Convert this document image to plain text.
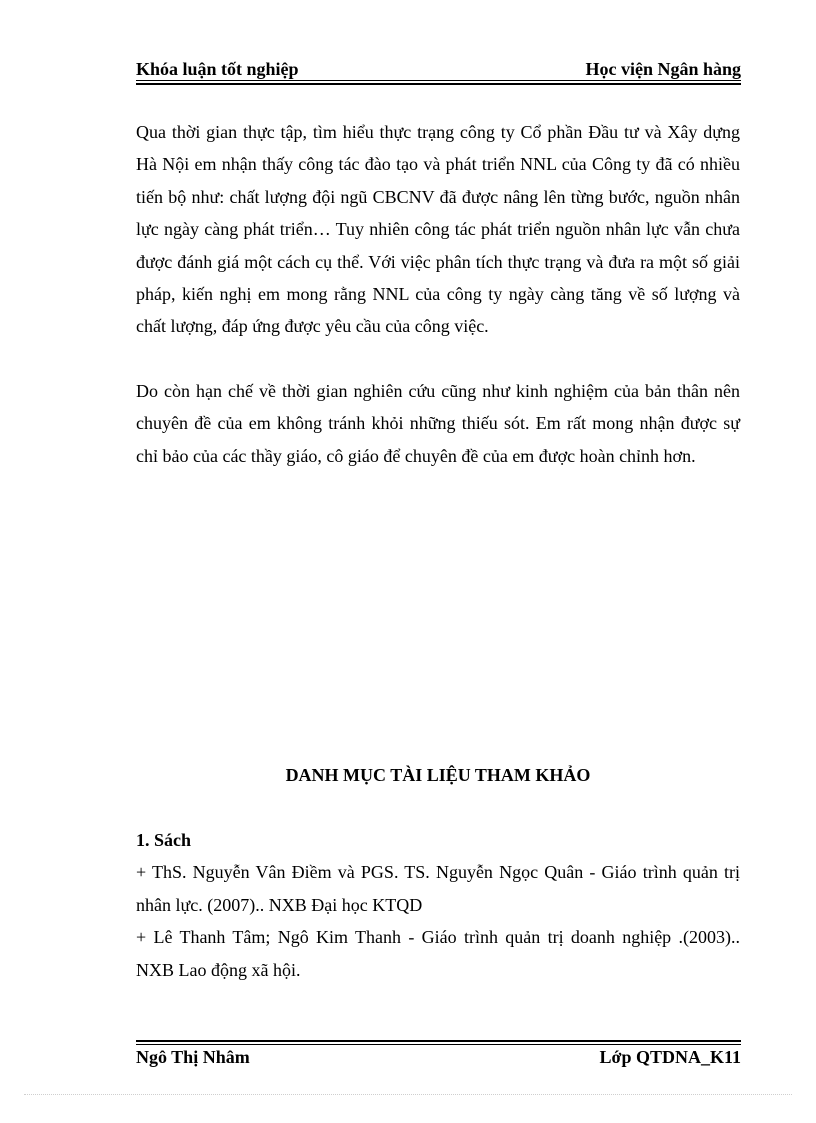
Khóa luận tốt nghiệp	Học viện Ngân hàng

Qua thời gian thực tập, tìm hiểu thực trạng công ty Cổ phần Đầu tư và Xây dựng Hà Nội em nhận thấy công tác đào tạo và phát triển NNL của Công ty đã có nhiều tiến bộ như: chất lượng đội ngũ CBCNV đã được nâng lên từng bước, nguồn nhân lực ngày càng phát triển… Tuy nhiên công tác phát triển nguồn nhân lực vẫn chưa được đánh giá một cách cụ thể. Với việc phân tích thực trạng và đưa ra một số giải pháp, kiến nghị em mong rằng NNL của công ty ngày càng tăng về số lượng và chất lượng, đáp ứng được yêu cầu của công việc.

Do còn hạn chế về thời gian nghiên cứu cũng như kinh nghiệm của bản thân nên chuyên đề của em không tránh khỏi những thiếu sót. Em rất mong nhận được sự chỉ bảo của các thầy giáo, cô giáo để chuyên đề của em được hoàn chỉnh hơn.

DANH MỤC TÀI LIỆU THAM KHẢO

1. Sách

+ ThS. Nguyễn Vân Điềm và PGS. TS. Nguyễn Ngọc Quân - Giáo trình quản trị nhân lực. (2007).. NXB Đại học KTQD

+ Lê Thanh Tâm; Ngô Kim Thanh - Giáo trình quản trị doanh nghiệp .(2003).. NXB Lao động xã hội.

Ngô Thị Nhâm	Lớp QTDNA_K11
